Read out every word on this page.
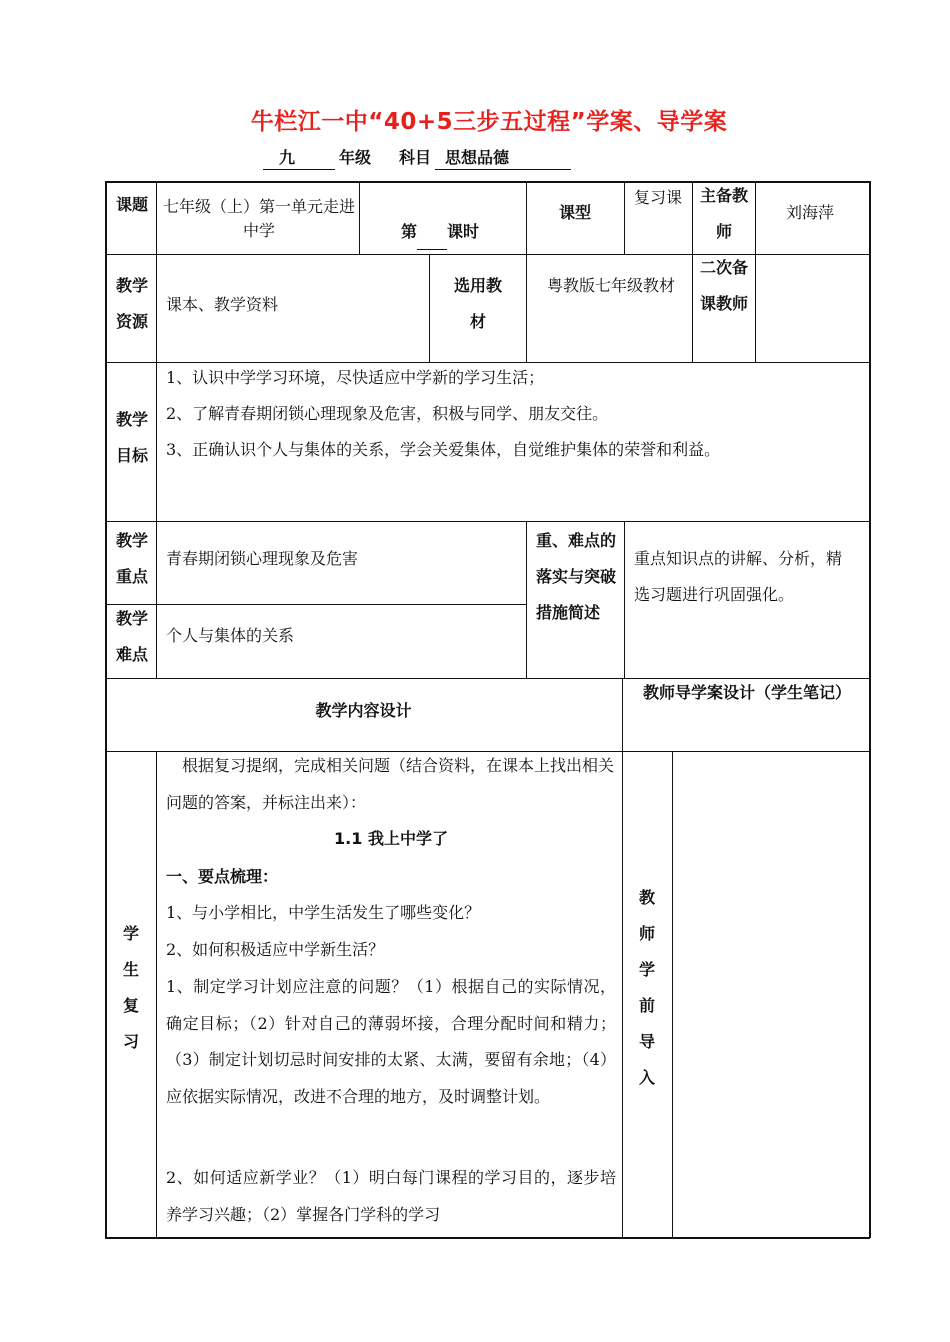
牛栏江一中“40+5三步五过程”学案、导学案
九	年级 科目 思想品德
课题 七年级（上）第一单元走进中学	第 课时
课型
复习课 主备教师
刘海萍
教学资源
课本、教学资料
选用教材
粤教版七年级教材
二次备课教师
教学目标
1、认识中学学习环境，尽快适应中学新的学习生活；
2、了解青春期闭锁心理现象及危害，积极与同学、朋友交往。
3、正确认识个人与集体的关系，学会关爱集体，自觉维护集体的荣誉和利益。
教学重点
青春期闭锁心理现象及危害
教学难点
个人与集体的关系
重、难点的落实与突破措施简述
重点知识点的讲解、分析，精选习题进行巩固强化。
教学内容设计
教师导学案设计（学生笔记）
学生复习
教师学前导入
根据复习提纲，完成相关问题（结合资料，在课本上找出相关问题的答案，并标注出来）：
1.1 我上中学了
一、要点梳理：
1、与小学相比，中学生活发生了哪些变化？
2、如何积极适应中学新生活？
1、制定学习计划应注意的问题？（1）根据自己的实际情况，确定目标；（2）针对自己的薄弱坏接，合理分配时间和精力；（3）制定计划切忌时间安排的太紧、太满，要留有余地；（4）应依据实际情况，改进不合理的地方，及时调整计划。
2、如何适应新学业？（1）明白每门课程的学习目的，逐步培养学习兴趣；（2）掌握各门学科的学习
